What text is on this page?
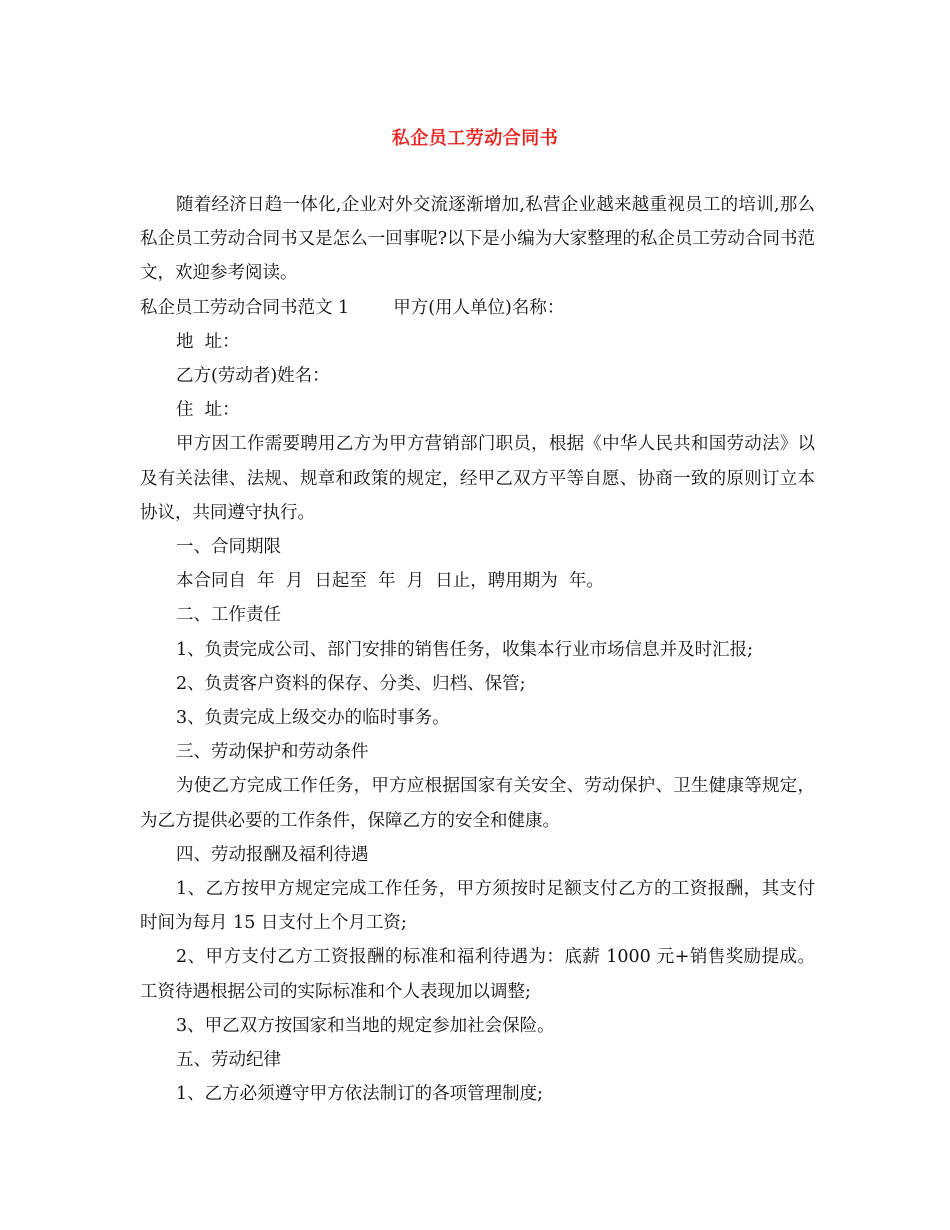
私企员工劳动合同书

随着经济日趋一体化,企业对外交流逐渐增加,私营企业越来越重视员工的培训,那么私企员工劳动合同书又是怎么一回事呢?以下是小编为大家整理的私企员工劳动合同书范文，欢迎参考阅读。

私企员工劳动合同书范文 1	甲方(用人单位)名称：

地  址：

乙方(劳动者)姓名：

住  址：

甲方因工作需要聘用乙方为甲方营销部门职员，根据《中华人民共和国劳动法》以及有关法律、法规、规章和政策的规定，经甲乙双方平等自愿、协商一致的原则订立本协议，共同遵守执行。

一、合同期限

本合同自  年  月  日起至  年  月  日止，聘用期为  年。

二、工作责任

1、负责完成公司、部门安排的销售任务，收集本行业市场信息并及时汇报;

2、负责客户资料的保存、分类、归档、保管;

3、负责完成上级交办的临时事务。

三、劳动保护和劳动条件

为使乙方完成工作任务，甲方应根据国家有关安全、劳动保护、卫生健康等规定，为乙方提供必要的工作条件，保障乙方的安全和健康。

四、劳动报酬及福利待遇

1、乙方按甲方规定完成工作任务，甲方须按时足额支付乙方的工资报酬，其支付时间为每月 15 日支付上个月工资;

2、甲方支付乙方工资报酬的标准和福利待遇为：底薪 1000 元+销售奖励提成。工资待遇根据公司的实际标准和个人表现加以调整;

3、甲乙双方按国家和当地的规定参加社会保险。

五、劳动纪律

1、乙方必须遵守甲方依法制订的各项管理制度;
